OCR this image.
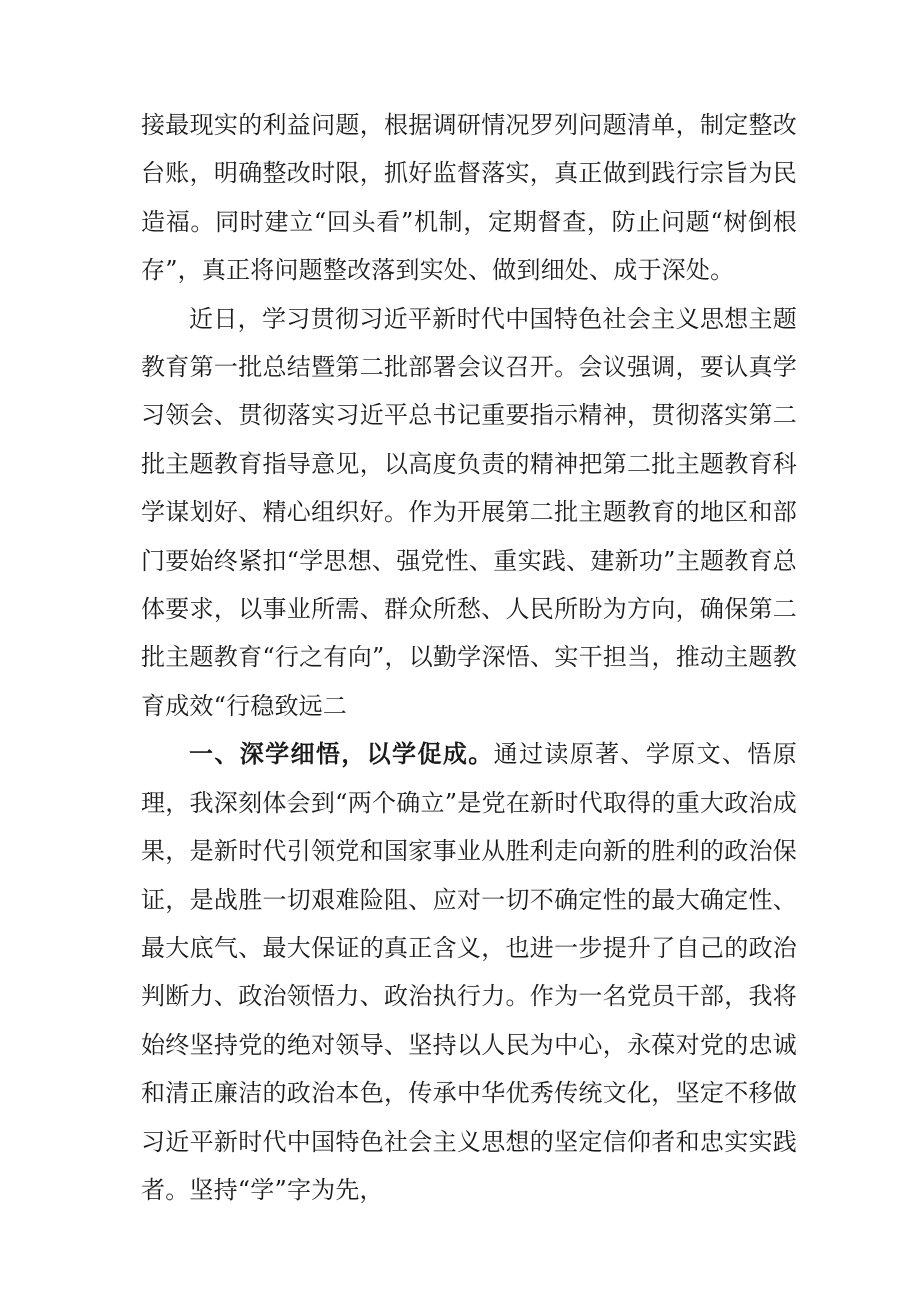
接最现实的利益问题，根据调研情况罗列问题清单，制定整改台账，明确整改时限，抓好监督落实，真正做到践行宗旨为民造福。同时建立“回头看”机制，定期督查，防止问题“树倒根存”，真正将问题整改落到实处、做到细处、成于深处。

近日，学习贯彻习近平新时代中国特色社会主义思想主题教育第一批总结暨第二批部署会议召开。会议强调，要认真学习领会、贯彻落实习近平总书记重要指示精神，贯彻落实第二批主题教育指导意见，以高度负责的精神把第二批主题教育科学谋划好、精心组织好。作为开展第二批主题教育的地区和部门要始终紧扣“学思想、强党性、重实践、建新功”主题教育总体要求，以事业所需、群众所愁、人民所盼为方向，确保第二批主题教育“行之有向”，以勤学深悟、实干担当，推动主题教育成效“行稳致远二

一、深学细悟，以学促成。通过读原著、学原文、悟原理，我深刻体会到“两个确立”是党在新时代取得的重大政治成果，是新时代引领党和国家事业从胜利走向新的胜利的政治保证，是战胜一切艰难险阻、应对一切不确定性的最大确定性、最大底气、最大保证的真正含义，也进一步提升了自己的政治判断力、政治领悟力、政治执行力。作为一名党员干部，我将始终坚持党的绝对领导、坚持以人民为中心，永葆对党的忠诚和清正廉洁的政治本色，传承中华优秀传统文化，坚定不移做习近平新时代中国特色社会主义思想的坚定信仰者和忠实实践者。坚持“学”字为先，
